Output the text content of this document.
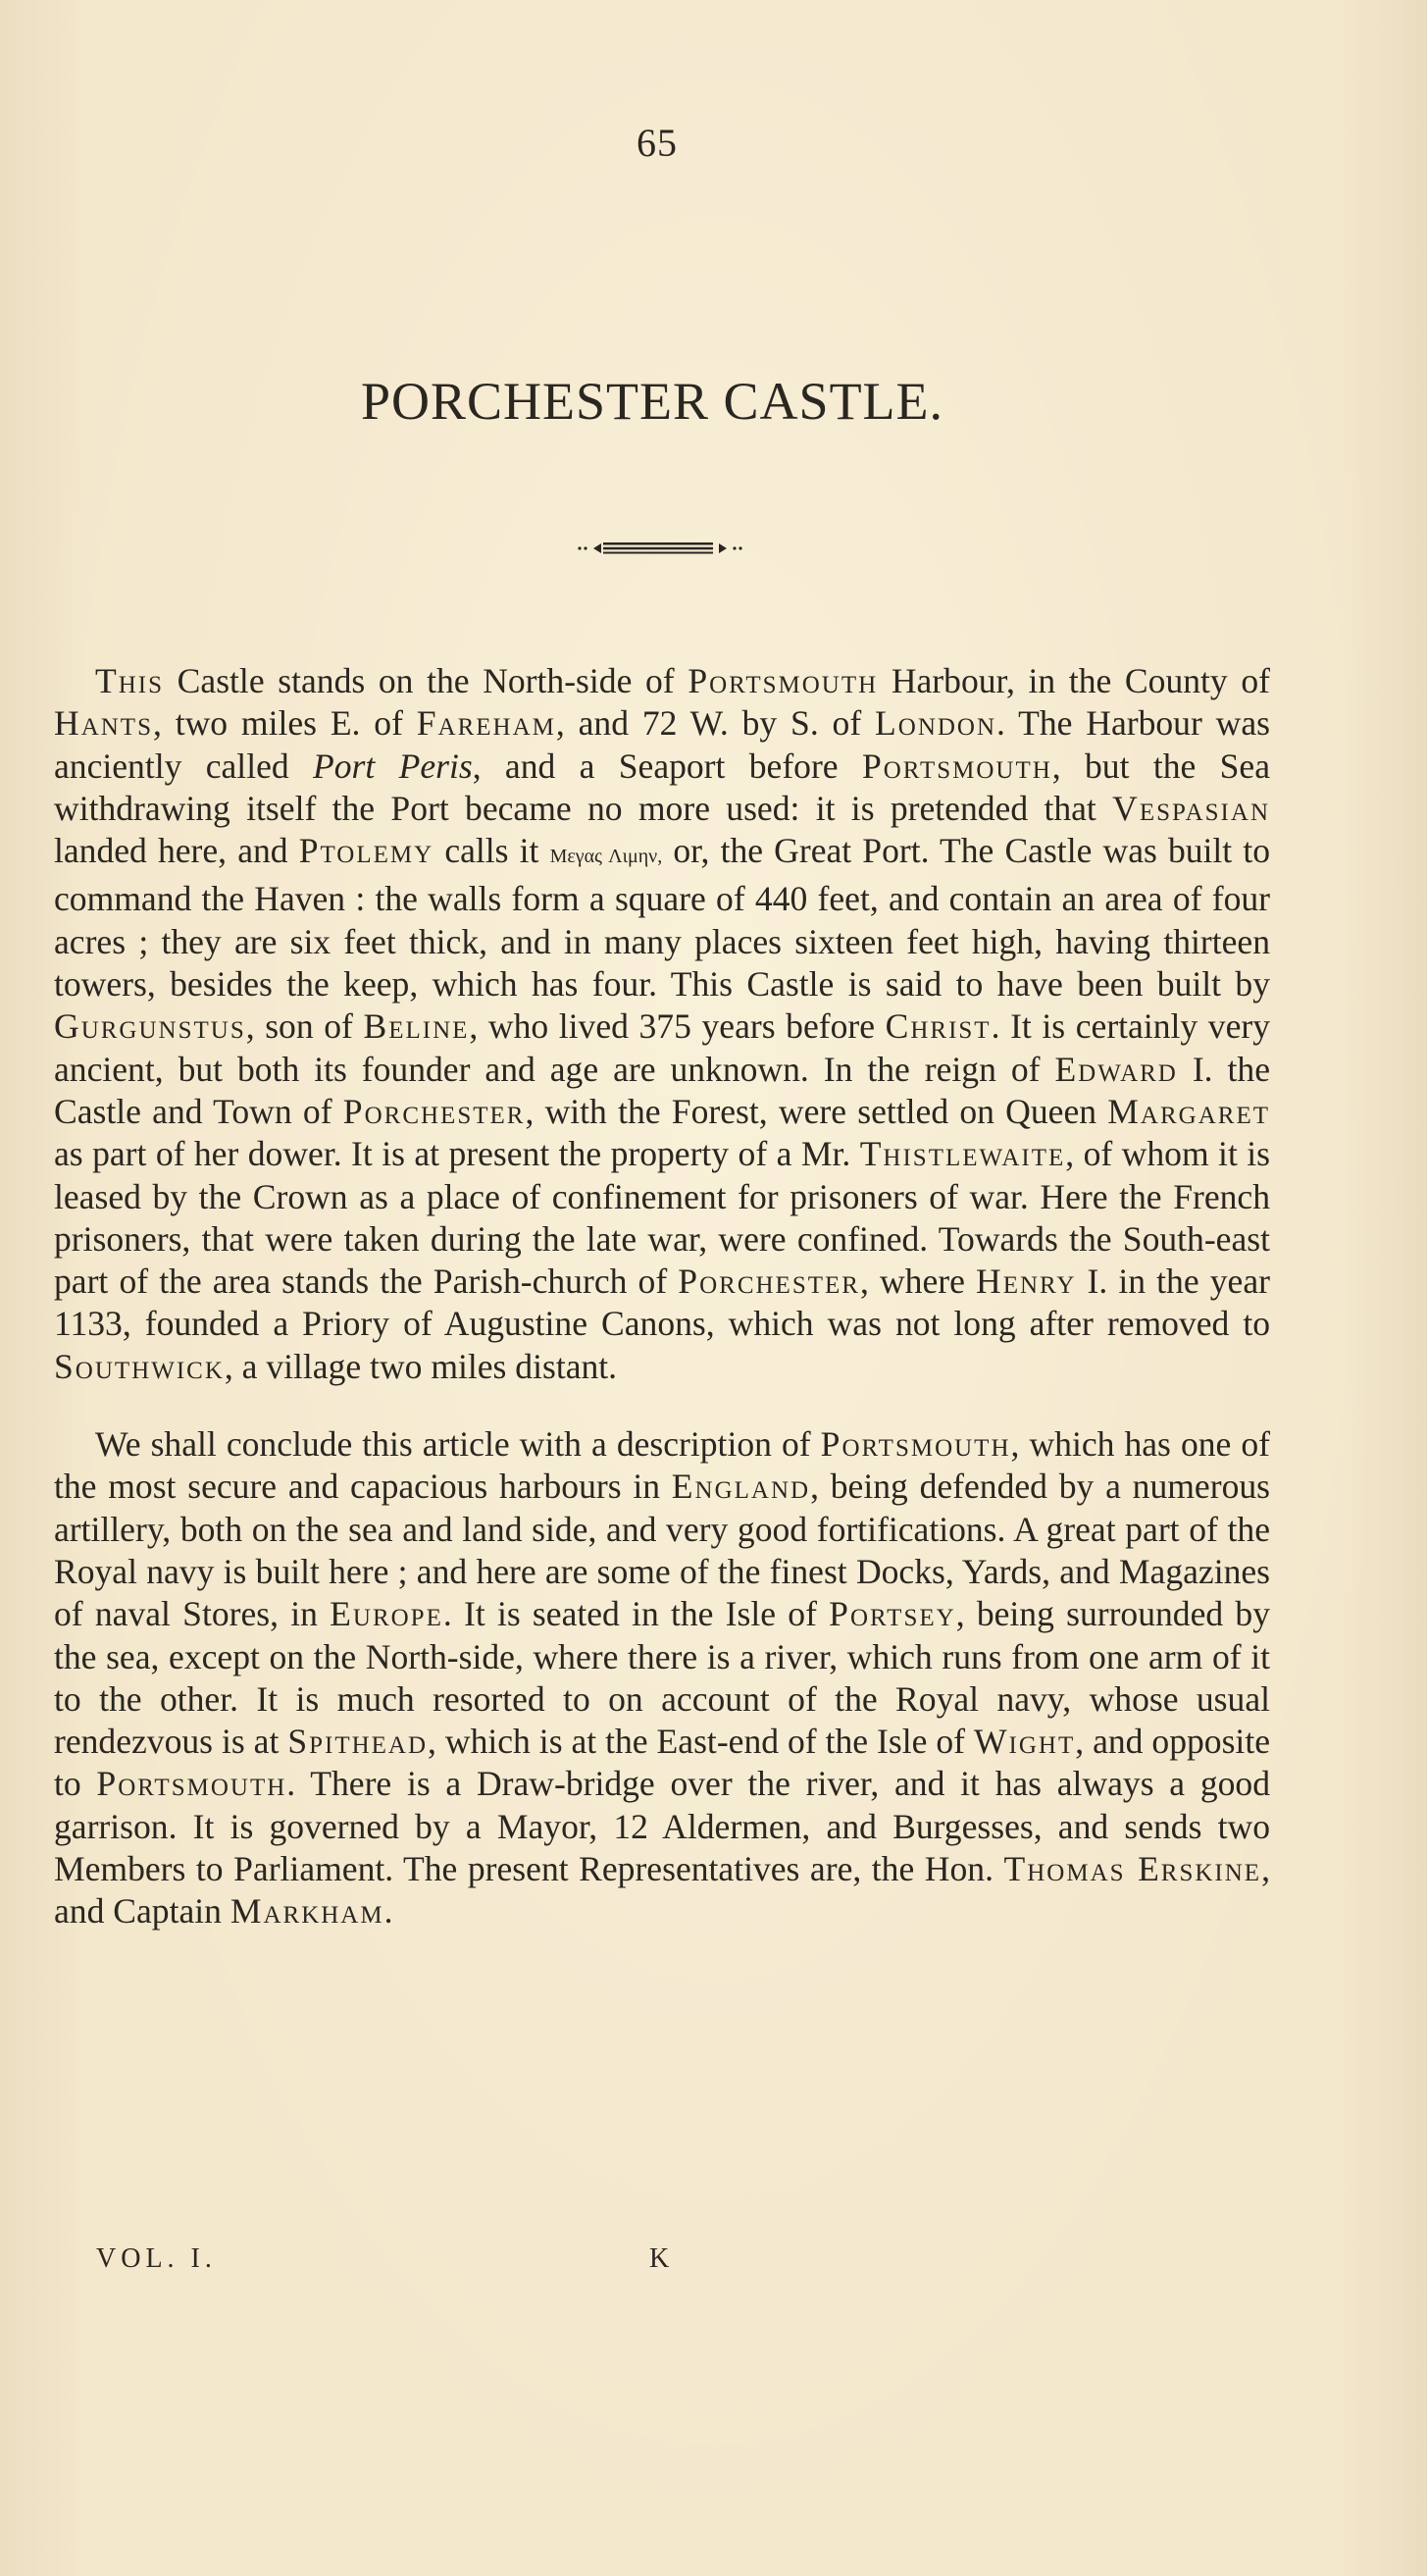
65
PORCHESTER CASTLE.

This Castle stands on the North-side of Portsmouth Harbour, in the County of Hants, two miles E. of Fareham, and 72 W. by S. of London. The Harbour was anciently called Port Peris, and a Seaport before Portsmouth, but the Sea withdrawing itself the Port became no more used: it is pretended that Vespasian landed here, and Ptolemy calls it Μεγας Λιμην, or, the Great Port. The Castle was built to command the Haven : the walls form a square of 440 feet, and contain an area of four acres ; they are six feet thick, and in many places sixteen feet high, having thirteen towers, besides the keep, which has four. This Castle is said to have been built by Gurgunstus, son of Beline, who lived 375 years before Christ. It is certainly very ancient, but both its founder and age are unknown. In the reign of Edward I. the Castle and Town of Porchester, with the Forest, were settled on Queen Margaret as part of her dower. It is at present the property of a Mr. Thistlewaite, of whom it is leased by the Crown as a place of confinement for prisoners of war. Here the French prisoners, that were taken during the late war, were confined. Towards the South-east part of the area stands the Parish-church of Porchester, where Henry I. in the year 1133, founded a Priory of Augustine Canons, which was not long after removed to Southwick, a village two miles distant.

We shall conclude this article with a description of Portsmouth, which has one of the most secure and capacious harbours in England, being defended by a numerous artillery, both on the sea and land side, and very good fortifications. A great part of the Royal navy is built here ; and here are some of the finest Docks, Yards, and Magazines of naval Stores, in Europe. It is seated in the Isle of Portsey, being surrounded by the sea, except on the North-side, where there is a river, which runs from one arm of it to the other. It is much resorted to on account of the Royal navy, whose usual rendezvous is at Spithead, which is at the East-end of the Isle of Wight, and opposite to Portsmouth. There is a Draw-bridge over the river, and it has always a good garrison. It is governed by a Mayor, 12 Aldermen, and Burgesses, and sends two Members to Parliament. The present Representatives are, the Hon. Thomas Erskine, and Captain Markham.

VOL. I.	K
